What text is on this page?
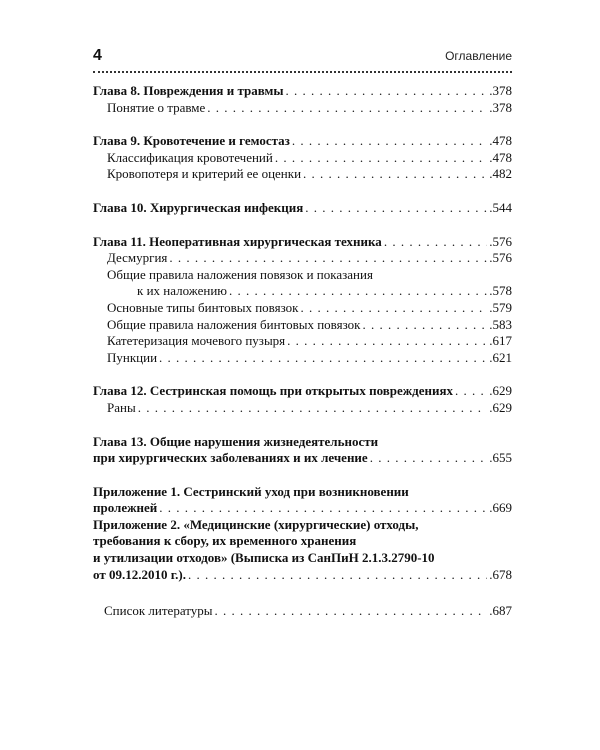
4	Оглавление
Глава 8. Повреждения и травмы . . .	.378
Понятие о травме . . .	.378
Глава 9. Кровотечение и гемостаз . . .	.478
Классификация кровотечений . . .	.478
Кровопотеря и критерий ее оценки . . .	.482
Глава 10. Хирургическая инфекция . . .	.544
Глава 11. Неоперативная хирургическая техника . . .	.576
Десмургия . . .	.576
Общие правила наложения повязок и показания
к их наложению . . .	.578
Основные типы бинтовых повязок . . .	.579
Общие правила наложения бинтовых повязок . . .	.583
Катетеризация мочевого пузыря . . .	.617
Пункции . . .	.621
Глава 12. Сестринская помощь при открытых повреждениях . . .	.629
Раны . . .	.629
Глава 13. Общие нарушения жизнедеятельности
при хирургических заболеваниях и их лечение . . .	.655
Приложение 1. Сестринский уход при возникновении
пролежней . . .	.669
Приложение 2. «Медицинские (хирургические) отходы,
требования к сбору, их временного хранения
и утилизации отходов» (Выписка из СанПиН 2.1.3.2790-10
от 09.12.2010 г.). . . .	.678
Список литературы . . .	.687
